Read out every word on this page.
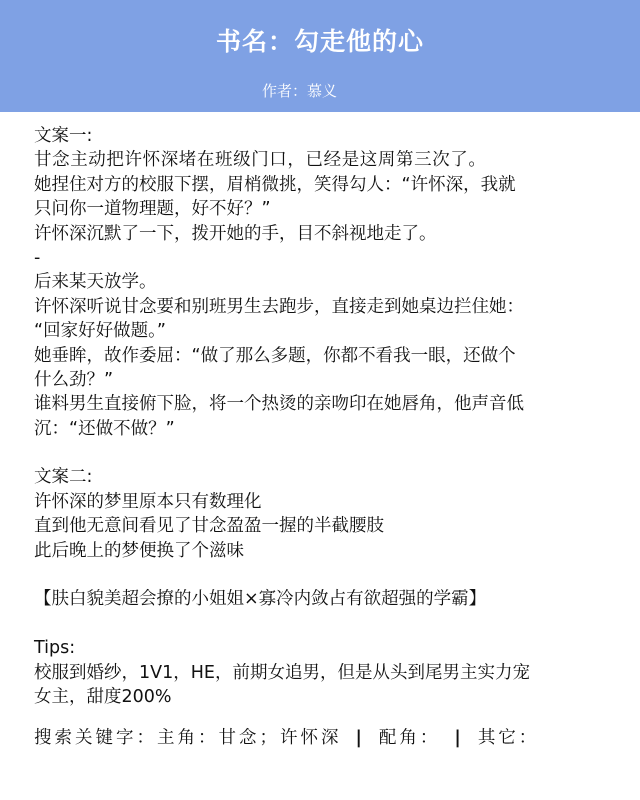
书名：勾走他的心
作者：慕义
文案一:
甘念主动把许怀深堵在班级门口，已经是这周第三次了。
她捏住对方的校服下摆，眉梢微挑，笑得勾人：“许怀深，我就
只问你一道物理题，好不好？”
许怀深沉默了一下，拨开她的手，目不斜视地走了。
-
后来某天放学。
许怀深听说甘念要和别班男生去跑步，直接走到她桌边拦住她：
“回家好好做题。”
她垂眸，故作委屈：“做了那么多题，你都不看我一眼，还做个
什么劲？”
谁料男生直接俯下脸，将一个热烫的亲吻印在她唇角，他声音低
沉：“还做不做？”
文案二:
许怀深的梦里原本只有数理化
直到他无意间看见了甘念盈盈一握的半截腰肢
此后晚上的梦便换了个滋味
【肤白貌美超会撩的小姐姐×寡冷内敛占有欲超强的学霸】
Tips:
校服到婚纱，1V1，HE，前期女追男，但是从头到尾男主实力宠
女主，甜度200%
搜索关键字：主角：甘念；许怀深 | 配角： | 其它：
